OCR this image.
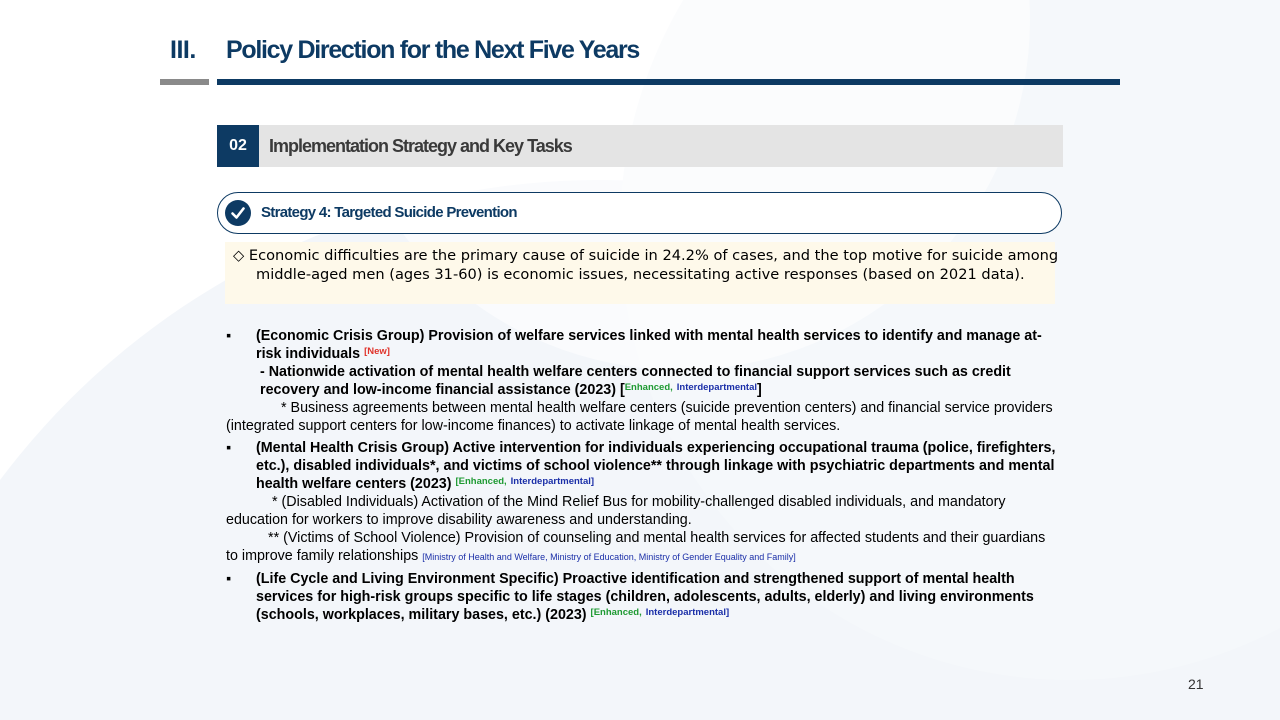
III. Policy Direction for the Next Five Years
02	Implementation Strategy and Key Tasks
Strategy 4: Targeted Suicide Prevention
◇ Economic difficulties are the primary cause of suicide in 24.2% of cases, and the top motive for suicide among middle-aged men (ages 31-60) is economic issues, necessitating active responses (based on 2021 data).
▪ (Economic Crisis Group) Provision of welfare services linked with mental health services to identify and manage at-risk individuals [New]
- Nationwide activation of mental health welfare centers connected to financial support services such as credit recovery and low-income financial assistance (2023) [$^{Enhanced,}$ $^{Interdepartmental}$]
* Business agreements between mental health welfare centers (suicide prevention centers) and financial service providers (integrated support centers for low-income finances) to activate linkage of mental health services.
▪ (Mental Health Crisis Group) Active intervention for individuals experiencing occupational trauma (police, firefighters, etc.), disabled individuals*, and victims of school violence** through linkage with psychiatric departments and mental health welfare centers (2023) $^{[Enhanced,}$ $^{Interdepartmental]}$
* (Disabled Individuals) Activation of the Mind Relief Bus for mobility-challenged disabled individuals, and mandatory education for workers to improve disability awareness and understanding.
** (Victims of School Violence) Provision of counseling and mental health services for affected students and their guardians to improve family relationships [Ministry of Health and Welfare, Ministry of Education, Ministry of Gender Equality and Family]
▪ (Life Cycle and Living Environment Specific) Proactive identification and strengthened support of mental health services for high-risk groups specific to life stages (children, adolescents, adults, elderly) and living environments (schools, workplaces, military bases, etc.) (2023) $^{[Enhanced,}$ $^{Interdepartmental]}$
21
